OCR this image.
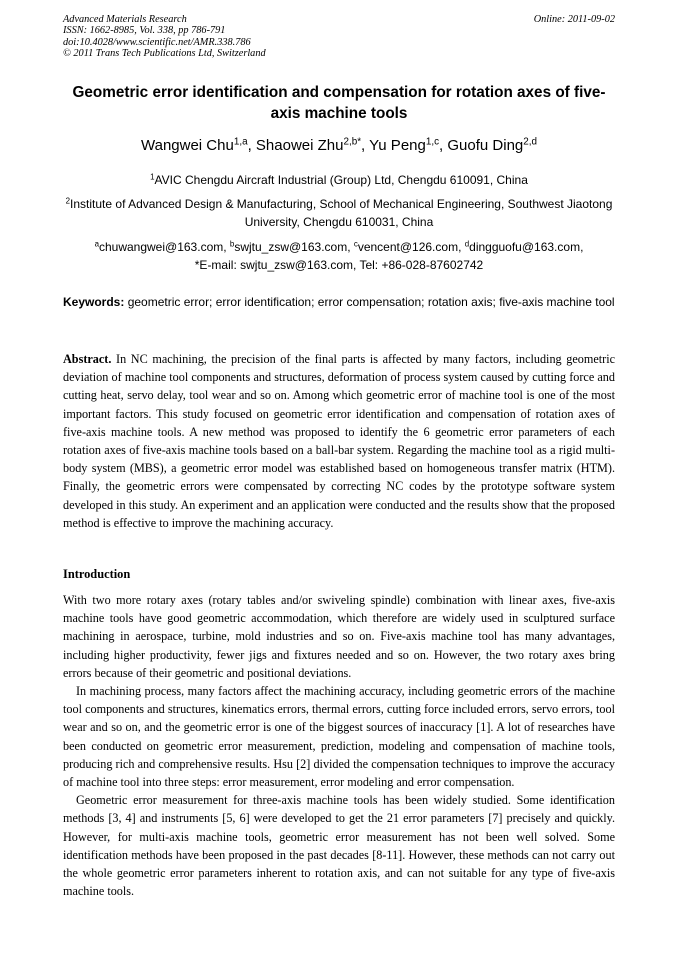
Advanced Materials Research
ISSN: 1662-8985, Vol. 338, pp 786-791
doi:10.4028/www.scientific.net/AMR.338.786
© 2011 Trans Tech Publications Ltd, Switzerland
Online: 2011-09-02
Geometric error identification and compensation for rotation axes of five-axis machine tools
Wangwei Chu$^{1,a}$, Shaowei Zhu$^{2,b*}$, Yu Peng$^{1,c}$, Guofu Ding$^{2,d}$
$^1$AVIC Chengdu Aircraft Industrial (Group) Ltd, Chengdu 610091, China
$^2$Institute of Advanced Design & Manufacturing, School of Mechanical Engineering, Southwest Jiaotong University, Chengdu 610031, China
$^a$chuwangwei@163.com, $^b$swjtu_zsw@163.com, $^c$vencent@126.com, $^d$dingguofu@163.com,
*E-mail: swjtu_zsw@163.com, Tel: +86-028-87602742
Keywords: geometric error; error identification; error compensation; rotation axis; five-axis machine tool
Abstract. In NC machining, the precision of the final parts is affected by many factors, including geometric deviation of machine tool components and structures, deformation of process system caused by cutting force and cutting heat, servo delay, tool wear and so on. Among which geometric error of machine tool is one of the most important factors. This study focused on geometric error identification and compensation of rotation axes of five-axis machine tools. A new method was proposed to identify the 6 geometric error parameters of each rotation axes of five-axis machine tools based on a ball-bar system. Regarding the machine tool as a rigid multi-body system (MBS), a geometric error model was established based on homogeneous transfer matrix (HTM). Finally, the geometric errors were compensated by correcting NC codes by the prototype software system developed in this study. An experiment and an application were conducted and the results show that the proposed method is effective to improve the machining accuracy.
Introduction

With two more rotary axes (rotary tables and/or swiveling spindle) combination with linear axes, five-axis machine tools have good geometric accommodation, which therefore are widely used in sculptured surface machining in aerospace, turbine, mold industries and so on. Five-axis machine tool has many advantages, including higher productivity, fewer jigs and fixtures needed and so on. However, the two rotary axes bring errors because of their geometric and positional deviations.

In machining process, many factors affect the machining accuracy, including geometric errors of the machine tool components and structures, kinematics errors, thermal errors, cutting force included errors, servo errors, tool wear and so on, and the geometric error is one of the biggest sources of inaccuracy [1]. A lot of researches have been conducted on geometric error measurement, prediction, modeling and compensation of machine tools, producing rich and comprehensive results. Hsu [2] divided the compensation techniques to improve the accuracy of machine tool into three steps: error measurement, error modeling and error compensation.

Geometric error measurement for three-axis machine tools has been widely studied. Some identification methods [3, 4] and instruments [5, 6] were developed to get the 21 error parameters [7] precisely and quickly. However, for multi-axis machine tools, geometric error measurement has not been well solved. Some identification methods have been proposed in the past decades [8-11]. However, these methods can not carry out the whole geometric error parameters inherent to rotation axis, and can not suitable for any type of five-axis machine tools.
